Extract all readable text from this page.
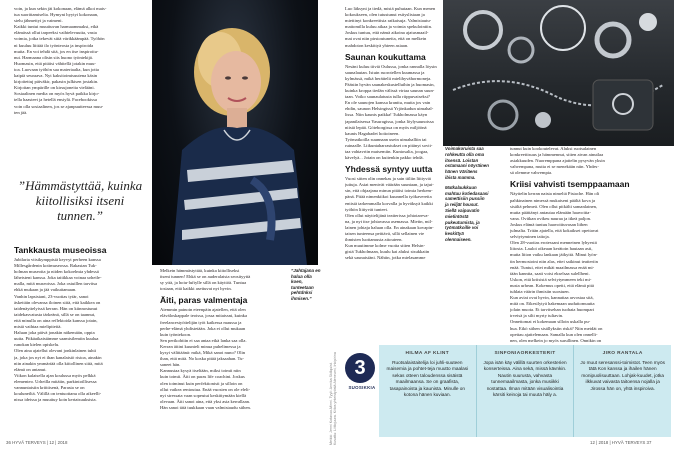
voin, ja kun sekin jäi kokonaan, elämä alkoi mais-
tua suorittamiselta. Hymyni hyytyi kokonaan,
sielu jähmettyi ja vaimeni.
Kaikki tuntui muuttuvan harmaammaksi, eikä
elämässä ollut tarpeeksi vaihtelevuutta, vasta
voimia, jotka tekevät siitä värikkäämpää. Työhön
ni kuuluu liittää ilo työnteosta ja inspiroida
muita. En voi tehdä sitä, jos en itse inspiroitu-
nut. Harmaana olisin siis huono työntekijä.
Huomasin, että pitäisi vähitellä jotakin muu-
toa. Luovaan työhön saa materiaalia, kun jotta
kaipiä seuraava. Nyt kaksitoimisuutena käsin
kirjoitettuj päiväkir, pakasin julkisen jostakin.
Kirjoitan ympärille on kirsujoneita vielääni.
Sosiaalinen media on myös hyvä paikka kirjo-
tella haasteet ja hetellä ensiylä. Facebookissa
voin olla sosiaalinen, jos se ajanpuutteessa muu-
ten jää.
”Hämmästyttää, kuinka kiitollisiksi itseni tunnen.”
Tankkausta museoissa
Jubilaria viisikymppisiä keyvyt perheen kanssa
Millesgårdenin kotimuseossa. Rakastan Tuk-
holman museoita ja niiden kokoelmia yhdessä
läheisteni kanssa. Joka taitikkaa voinaa urheile-
malla, mitä museoissa. Joka ostuillen tarvitsa
ehkä mukaan ja jää vaikuttamaan.
Vanhin lapsistani, 23-vuotias tytär, sanoi
äskettäin olevansa iloinen siitä, että kaikkea on
taidenäyttelyissä kerran. Hän on kiinnostunut
taidekasvatusta tärkeänä, sillä se on taannut,
että minulla on aina reflektoida kanssa jotain,
mistä vaihtaa mielipiteitä.
Haluan joka päivä jonakin näkemään, oppia
uutta. Pitkäaikaistämme saamisilemiin kuulua
runokan kielen opiskelu.
Olen aina ajatellut olevani jonkinlainen tuhti
ja, joka jos nyt ei ihan kanalaisiö ristoa, ainakin
niin ainakin ymmärtää olla kiitollinen siitä, mitä
elämä on antanut.
Viikon kalaisella ajan koulussa myös pelkkä
elementeo. Urheilla mitäiin, parkintoillisessa
vannuntaisiin kriittisenä, Parasta se on
kouluneiltä. Välillä on tentuottanu olla aikeelli-
nissa ideissa ja muuttuy koin kertaisuuksista.
Melkein hämmästyttää, kuinka kiitolliseksi
itseni tunnen! Ehkä se on auderalaista seosityyttä
sy yttä, ja hoiu-luftylle sillä on käyttöä. Tuntua
tosiaan, että kaikki asettuvat nyt hyvin.
Äiti, paras valmentaja
Aiemmin painoin eteenpäin ajatellen, että olen
eläväloskappale teoissa, jossa mitaissni, kuinka
freelancestyöttelijän työt kaikessa maussa ja
perhe-elämä yhdistetään. Joka ei ollut mukaan
kuin työntekoon.
Sen perikohtiin ei saa antaa eikä lanka saa olla.
Kerran äitini kuunteli minua puhelimessa ja
kysyi välittäänä: mikä, Mikä sanoi nuno? Olin
ihan, että mitä. No koska pitää jaksaahan. Tu-
saneet hän.
Kannustaa kysyä itseltään, miksi toimii niin
kuin toimii. Äiti on paras life coachini. Joskus
olen toiminut kuin perfektionisti ja silloin on
ollut vaikea rentoutua. Enää vuosien on ole eleli-
nyt stressata vaan sopeutui keskittymään kiellä
olevaan. Äiti sanoi aina, että yksi asia kerrallaan.
Hän sanoi tätä tuukkaan vaan valmistaudu siihen.
”Jahtajana en halua olla koen, tunteetaan pehtdnksi ihmisen.”
36 HYVÄ TERVEYS | 12 | 2018	Meikki: Jenni Kotavuo-Minni. Tyyli: Annika Skillquist. Kuvattu: Liittojuura. Kiitos yhteistyöstä Ateneumi, Inkipirina
Luo läksyni ja tiedä, mistä puhutaan. Kun menen
kokoukseen, olen tutustunut esityslistaan ja
miettinyt konkreettisia ratkaisuja. Valmistautu-
mattomilla kuluu aikaa ja voimia spekulointiin.
Joskus tuntuu, että nämä aikoina ajatusmaail-
mat ovat niin pirstoutuneita, että on melkein
mahdoton keskittyä yhteen asiaan.
Saunan koukuttama
Nesäni kuluu tiiviä Oulussa, jonka rannalla löysin
saunalautan. Istuin ruorotellen kuumassa ja
kylmässä, mikä herättelii mielihyvähormoneja.
Päästin hyvän saunakeskustelluihin ja huomasin,
kuinka kroppa tiedän välissä virtaa saunan suun-
taan. Voiko saunaulatusta tulla riippuvaiseksi?
En ole saunojen kanssa kranttu, mutta jos vain
ehdin, saunon Helsingissä Yrjönkadun uimahal-
lissa. Niin kaunis paikka! Tukholmassa käyn
japanilaisessa Yasuragissa, jonka löylysaunoissa
niistä lepää. Göteborgissa on myös miljöönä
kaunis Hagabadet hoitoineen.
Työmatkoilla suunnaan usein uimahalliin tai
ruinaalle. Liikuntaharrastukset on pitänyt sovit-
taa vahtavriin maisemiin. Kuntosalia, joogaa,
kävelyä... Jotain on kuitenkin pakko tehdä.
Yhdessä syntyy uutta
Vuosi sitten olin onnekas ja sain tiiliin liittyviä
juttuja. Asiat menivät väärään suuntaan, ja tajui-
sin, että ohjaajana minun pitäisi toimia herkem-
pänä. Pitää nimenkiikoi kuunnella työkavereita
entistä tarkemmalla korvalla ja hyväksyä kaikki
työhön liittyvät tunteet.
Olen ollut näyttelijänä teatterissa johtotareva-
na, ja nyt itse johtavassa asemassa. Mietin, mil-
lainen johtaja haluan olla. En ainakaan kovapin-
taisen tunteensa peittävä, sillä sellainen vie
ihmisten luottamusta aitouteen.
Kun muutimme kolme vuotta sitten Helsin-
gistä Tukholmaan, kuulu kai aluksi sisukkaiin
sekä saunaisiäni. Nähtin, jotka mielasamme
Voimakoruista saa rohkeutta olla oma itsensä. Loistan ostamaani nöyräinen hänen Väriäens ibista mamma.
Matkalaukkuun mahtuu kotiedasaasi samettisiin pussiin ja reiljät housut. Siellä vaipuvatin mietintöstä pukeutumista, ja työmatkoille voi keskittyä olennaiseen.
tunnut kuin kookoutelevat. Aluksi ruotsalainen
konkreettisuus ja hämmennut, sitten aivan ainutlaa
asiakkuuden. Nuoremppana ajattelin pysyvän yksin
vahvempana, mutta ei se menekään niin. Yhdes-
sä olemme vahvempia.
Kriisi vahvisti tsemppaamaan
Näyttelin kerran naista nimeltä Pistache. Hän oli
pahkinainen nimessä mukaiseni päältä kova ja
sisältä pehmeä. Olen ollut pitkälti samanlainen,
mutta päättänyt antautaa elämään haavoitta-
vana. Ovitkan ovikeu nauraa ja itkeä paljon.
Joskus elämä tuntuu haavoittuvasan liiben
julmalta. Tritän ajatella, että kokaikset opettavat
selviytyminen taitoja.
Olen 28-vuotias erotessani menneinen lyhyestä
liitosta. Lauloi oikeaan kerätoin hautaan asti,
mutta liiton vaiku lankaan jäikyitä. Minut lyön-
tin hermostoini niin alas, ettei saikinut teatteriin
enää. Tuntui, ettei mikäi maailmassa enää mi-
tään kanntta, saati voisi ekselsaa sulellheni.
Uskon, että kriisistä selviytymmeen teki mi-
nusta urhean. Kokemus opetti, että elämä pitä
tuhlata väärin ihmisiin suostuen.
Kun aviat ovat hyvin, kannattaa arvostaa sitä,
mitä on. Eikesilytyä hakemaan uuduttomuutta
jolain muota. Et tarvitsehan tuohaia huompari
irveisä ja silti myrty tultavin.
Onnettomat ei kokemaan silloin uskalla pu-
hua. Eikö siihen sisällyksiin riskä? Niin meidät on
opettau ajattelemaan. Samalla kun olen onnelli-
nen, olen melkein jo myös surullinen. Onnikin on
3
SUOSIKKIA
HILMA AF KLINT
Ruotsalaistaitelija loi juhli-suuteen maisemia ja pohtet-teja muutto maalasi sekas otteen taloudenssa sisäistä maailmaansa. Se on graafista, tasapainoista ja kaunista. Minulle on kotona hänen kuviaan.
SINFONIAORKESTERIT
Jopa isän käy välillä suurten orkesterien konserteissa. Aina sekä, missä kävnkin. Nautin suurusta, vahvasta tunnemaailmasta, jonka musiikki nostattaa. Ilman mitään visualisointia kärsiti keinoja tai muuta häly a.
JIRO RANTALA
Jo muut seresanssi-toimistot. Teen myös tätä Kon kanssa ja ihailen hänen monipuolisuuttaan. Lohjak-kuudet, jotka ilkkuvat vaivasta taitoensa nojalla ja Jirossa hän on, yhtä inspiroiva.
12 | 2018 | HYVÄ TERVEYS 37
